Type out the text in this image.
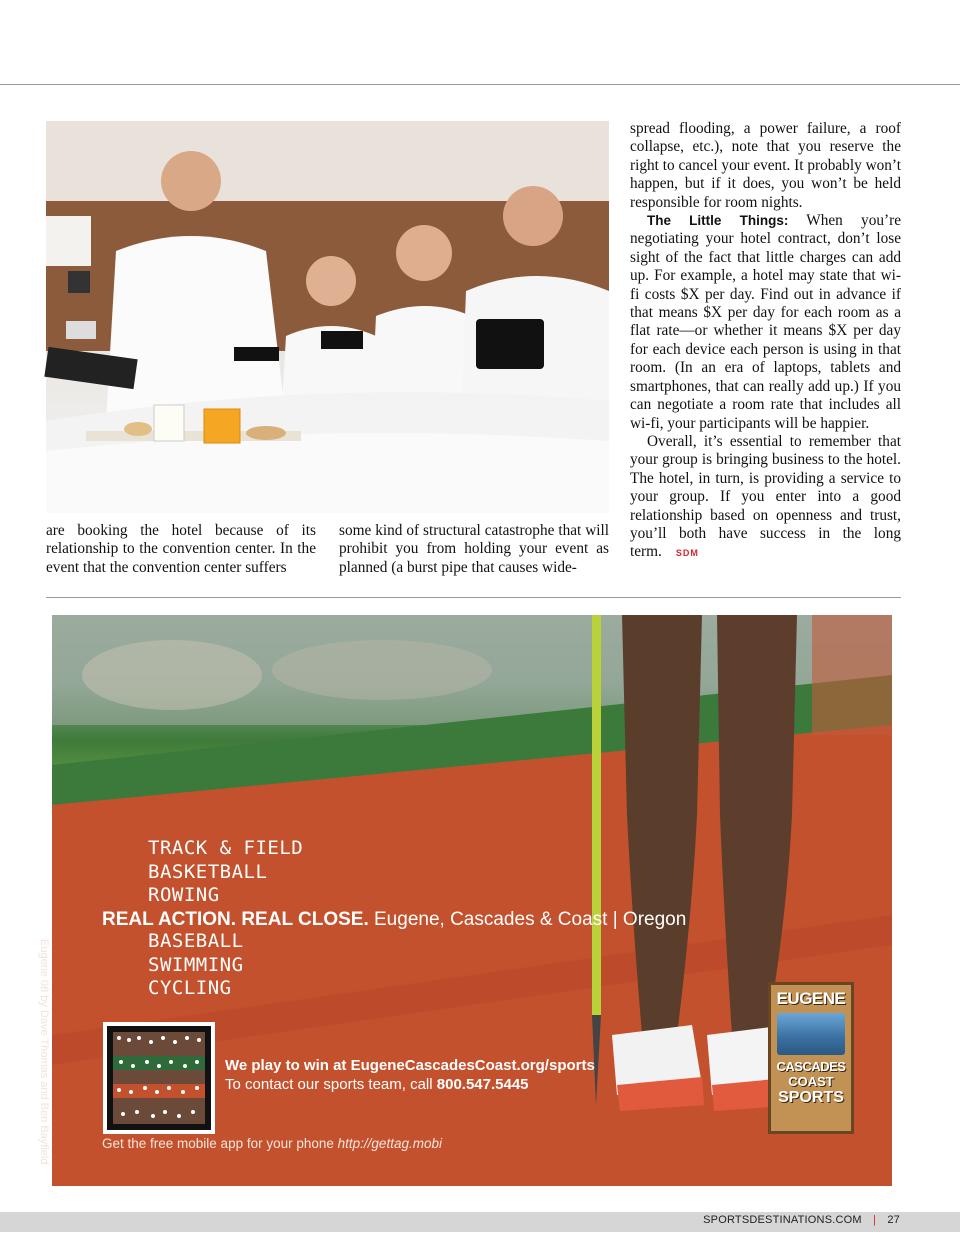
are booking the hotel because of its relationship to the convention center. In the event that the convention center suffers

some kind of structural catastrophe that will prohibit you from holding your event as planned (a burst pipe that causes wide-

spread flooding, a power failure, a roof collapse, etc.), note that you reserve the right to cancel your event. It probably won’t happen, but if it does, you won’t be held responsible for room nights.

The Little Things: When you’re negotiating your hotel contract, don’t lose sight of the fact that little charges can add up. For example, a hotel may state that wi-fi costs $X per day. Find out in advance if that means $X per day for each room as a flat rate—or whether it means $X per day for each device each person is using in that room. (In an era of laptops, tablets and smartphones, that can really add up.) If you can negotiate a room rate that includes all wi-fi, your participants will be happier.

Overall, it’s essential to remember that your group is bringing business to the hotel. The hotel, in turn, is providing a service to your group. If you enter into a good relationship based on openness and trust, you’ll both have success in the long term. SDM

TRACK & FIELD
BASKETBALL
ROWING
REAL ACTION. REAL CLOSE. Eugene, Cascades & Coast | Oregon
BASEBALL
SWIMMING
CYCLING
Eugene 08 by Dave Thomas and Ben Bayfield	We play to win at EugeneCascadesCoast.org/sports
To contact our sports team, call 800.547.5445
Get the free mobile app for your phone http://gettag.mobi
EUGENE
CASCADES
COAST
SPORTS
SPORTSDESTINATIONS.COM | 27
